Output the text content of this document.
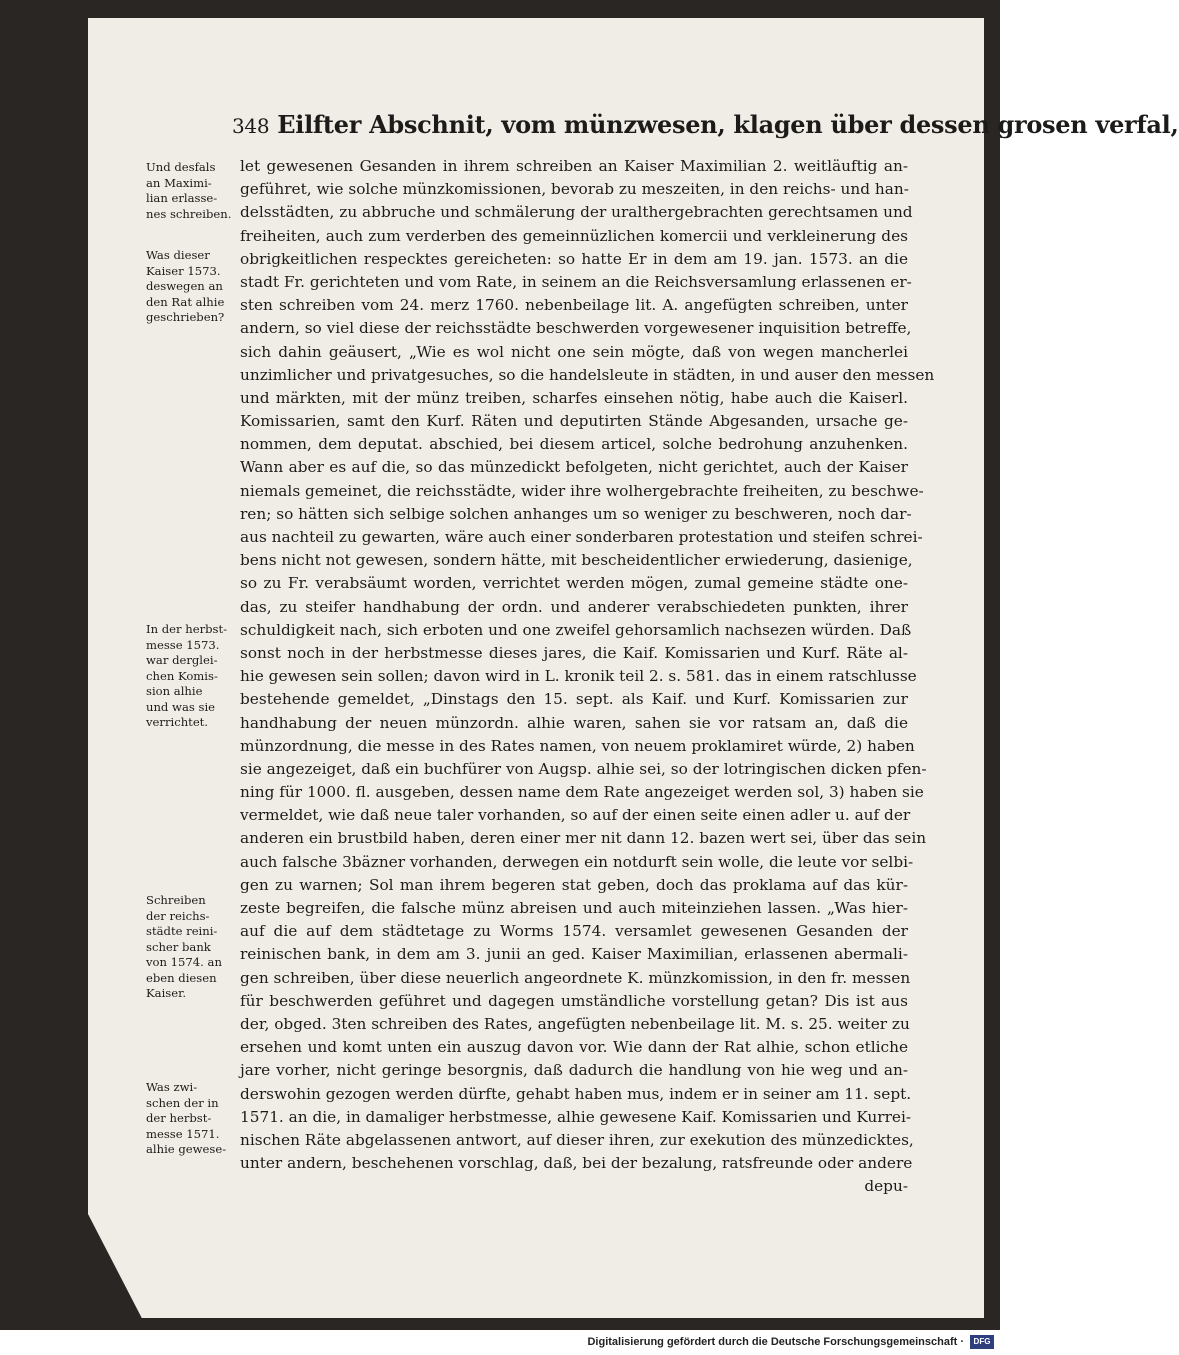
348 Eilfter Abschnit, vom münzwesen, klagen über dessen grosen verfal,
Und desfals
an Maximi-
lian erlasse-
nes schreiben.
Was dieser
Kaiser 1573.
deswegen an
den Rat alhie
geschrieben?
In der herbst-
messe 1573.
war derglei-
chen Komis-
sion alhie
und was sie
verrichtet.
Schreiben
der reichs-
städte reini-
scher bank
von 1574. an
eben diesen
Kaiser.
Was zwi-
schen der in
der herbst-
messe 1571.
alhie gewese-
let gewesenen Gesanden in ihrem schreiben an Kaiser Maximilian 2. weitläuftig an-
geführet, wie solche münzkomissionen, bevorab zu meszeiten, in den reichs- und han-
delsstädten, zu abbruche und schmälerung der uralthergebrachten gerechtsamen und
freiheiten, auch zum verderben des gemeinnüzlichen komercii und verkleinerung des
obrigkeitlichen respecktes gereicheten: so hatte Er in dem am 19. jan. 1573. an die
stadt Fr. gerichteten und vom Rate, in seinem an die Reichsversamlung erlassenen er-
sten schreiben vom 24. merz 1760. nebenbeilage lit. A. angefügten schreiben, unter
andern, so viel diese der reichsstädte beschwerden vorgewesener inquisition betreffe,
sich dahin geäusert, „Wie es wol nicht one sein mögte, daß von wegen mancherlei
unzimlicher und privatgesuches, so die handelsleute in städten, in und auser den messen
und märkten, mit der münz treiben, scharfes einsehen nötig, habe auch die Kaiserl.
Komissarien, samt den Kurf. Räten und deputirten Stände Abgesanden, ursache ge-
nommen, dem deputat. abschied, bei diesem articel, solche bedrohung anzuhenken.
Wann aber es auf die, so das münzedickt befolgeten, nicht gerichtet, auch der Kaiser
niemals gemeinet, die reichsstädte, wider ihre wolhergebrachte freiheiten, zu beschwe-
ren; so hätten sich selbige solchen anhanges um so weniger zu beschweren, noch dar-
aus nachteil zu gewarten, wäre auch einer sonderbaren protestation und steifen schrei-
bens nicht not gewesen, sondern hätte, mit bescheidentlicher erwiederung, dasienige,
so zu Fr. verabsäumt worden, verrichtet werden mögen, zumal gemeine städte one-
das, zu steifer handhabung der ordn. und anderer verabschiedeten punkten, ihrer
schuldigkeit nach, sich erboten und one zweifel gehorsamlich nachsezen würden. Daß
sonst noch in der herbstmesse dieses jares, die Kaif. Komissarien und Kurf. Räte al-
hie gewesen sein sollen; davon wird in L. kronik teil 2. s. 581. das in einem ratschlusse
bestehende gemeldet, „Dinstags den 15. sept. als Kaif. und Kurf. Komissarien zur
handhabung der neuen münzordn. alhie waren, sahen sie vor ratsam an, daß die
münzordnung, die messe in des Rates namen, von neuem proklamiret würde, 2) haben
sie angezeiget, daß ein buchfürer von Augsp. alhie sei, so der lotringischen dicken pfen-
ning für 1000. fl. ausgeben, dessen name dem Rate angezeiget werden sol, 3) haben sie
vermeldet, wie daß neue taler vorhanden, so auf der einen seite einen adler u. auf der
anderen ein brustbild haben, deren einer mer nit dann 12. bazen wert sei, über das sein
auch falsche 3bäzner vorhanden, derwegen ein notdurft sein wolle, die leute vor selbi-
gen zu warnen; Sol man ihrem begeren stat geben, doch das proklama auf das kür-
zeste begreifen, die falsche münz abreisen und auch miteinziehen lassen. „Was hier-
auf die auf dem städtetage zu Worms 1574. versamlet gewesenen Gesanden der
reinischen bank, in dem am 3. junii an ged. Kaiser Maximilian, erlassenen abermali-
gen schreiben, über diese neuerlich angeordnete K. münzkomission, in den fr. messen
für beschwerden geführet und dagegen umständliche vorstellung getan? Dis ist aus
der, obged. 3ten schreiben des Rates, angefügten nebenbeilage lit. M. s. 25. weiter zu
ersehen und komt unten ein auszug davon vor. Wie dann der Rat alhie, schon etliche
jare vorher, nicht geringe besorgnis, daß dadurch die handlung von hie weg und an-
derswohin gezogen werden dürfte, gehabt haben mus, indem er in seiner am 11. sept.
1571. an die, in damaliger herbstmesse, alhie gewesene Kaif. Komissarien und Kurrei-
nischen Räte abgelassenen antwort, auf dieser ihren, zur exekution des münzedicktes,
unter andern, beschehenen vorschlag, daß, bei der bezalung, ratsfreunde oder andere
depu-
Digitalisierung gefördert durch die Deutsche Forschungsgemeinschaft ·	DFG
